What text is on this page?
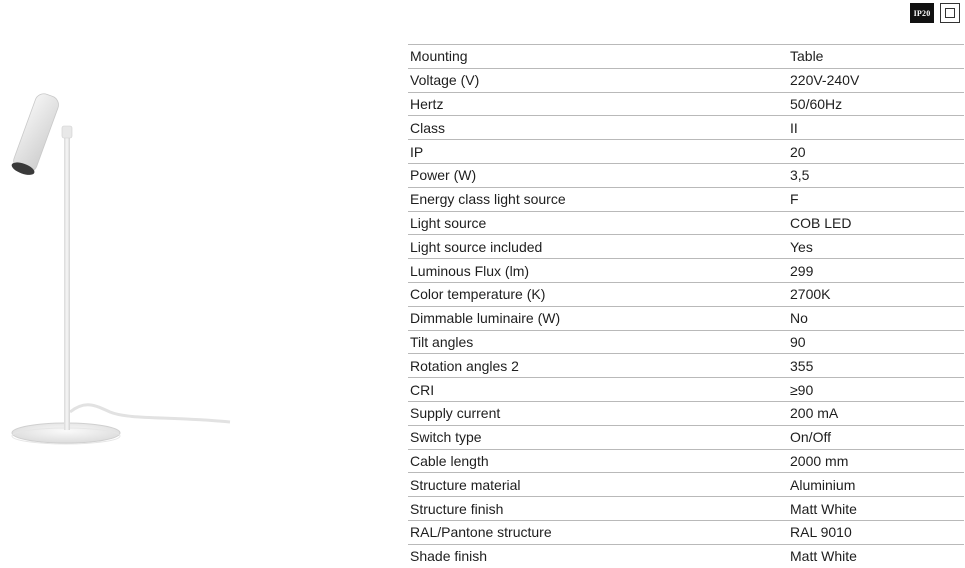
IP20
Mounting	Table
Voltage (V)	220V-240V
Hertz	50/60Hz
Class	II
IP	20
Power (W)	3,5
Energy class light source	F
Light source	COB LED
Light source included	Yes
Luminous Flux (lm)	299
Color temperature (K)	2700K
Dimmable luminaire (W)	No
Tilt angles	90
Rotation angles 2	355
CRI	≥90
Supply current	200 mA
Switch type	On/Off
Cable length	2000 mm
Structure material	Aluminium
Structure finish	Matt White
RAL/Pantone structure	RAL 9010
Shade finish	Matt White
